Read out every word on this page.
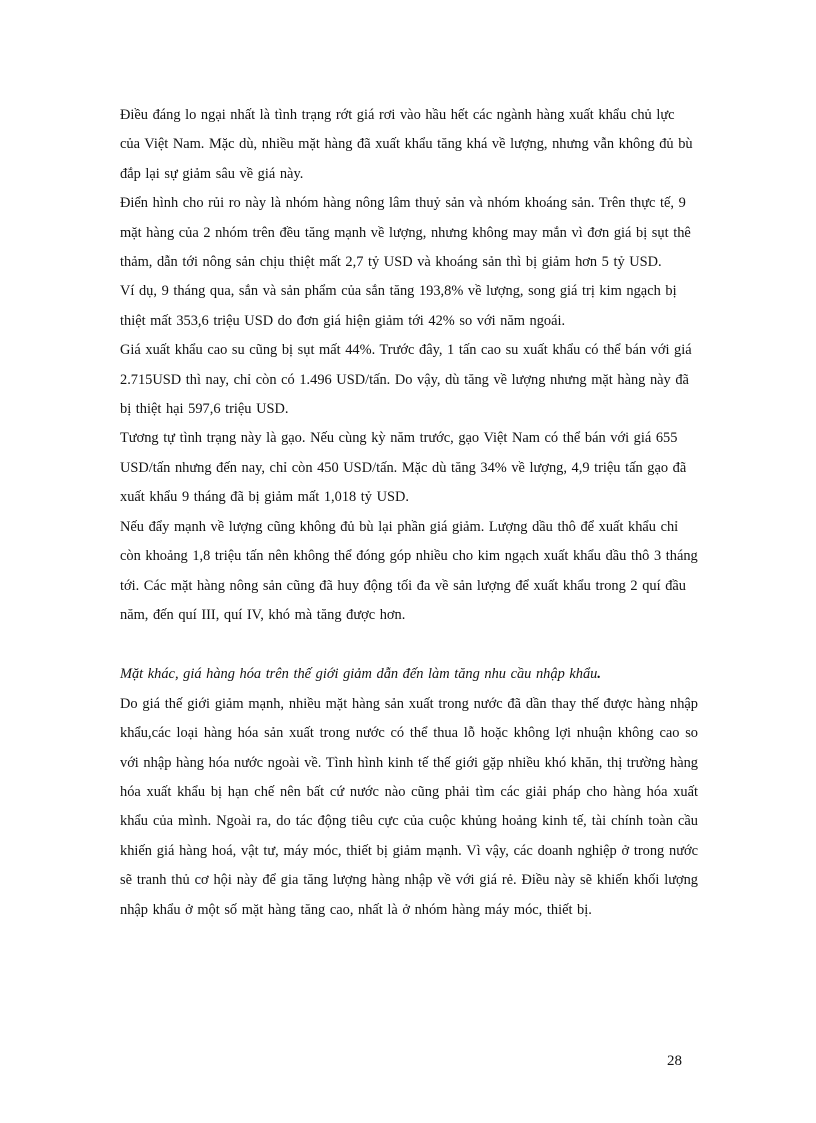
Điều đáng lo ngại nhất là tình trạng rớt giá rơi vào hầu hết các ngành hàng xuất khẩu chủ lực của Việt Nam. Mặc dù, nhiều mặt hàng đã xuất khẩu tăng khá về lượng, nhưng vẫn không đủ bù đắp lại sự giảm sâu về giá này.

Điển hình cho rủi ro này là nhóm hàng nông lâm thuỷ sản và nhóm khoáng sản. Trên thực tế, 9 mặt hàng của 2 nhóm trên đều tăng mạnh về lượng, nhưng không may mắn vì đơn giá bị sụt thê thảm, dẫn tới nông sản chịu thiệt mất 2,7 tỷ USD và khoáng sản thì bị giảm hơn 5 tỷ USD.

Ví dụ, 9 tháng qua, sắn và sản phẩm của sắn tăng 193,8% về lượng, song giá trị kim ngạch bị thiệt mất 353,6 triệu USD do đơn giá hiện giảm tới 42% so với năm ngoái.

Giá xuất khẩu cao su cũng bị sụt mất 44%. Trước đây, 1 tấn cao su xuất khẩu có thể bán với giá 2.715USD thì nay, chỉ còn có 1.496 USD/tấn. Do vậy, dù tăng về lượng nhưng mặt hàng này đã bị thiệt hại 597,6 triệu USD.

Tương tự tình trạng này là gạo. Nếu cùng kỳ năm trước, gạo Việt Nam có thể bán với giá 655 USD/tấn nhưng đến nay, chỉ còn 450 USD/tấn. Mặc dù tăng 34% về lượng, 4,9 triệu tấn gạo đã xuất khẩu 9 tháng đã bị giảm mất 1,018 tỷ USD.

Nếu đẩy mạnh về lượng cũng không đủ bù lại phần giá giảm. Lượng dầu thô để xuất khẩu chỉ còn khoảng 1,8 triệu tấn nên không thể đóng góp nhiều cho kim ngạch xuất khẩu dầu thô 3 tháng tới. Các mặt hàng nông sản cũng đã huy động tối đa về sản lượng để xuất khẩu trong 2 quí đầu năm, đến quí III, quí IV, khó mà tăng được hơn.

Mặt khác, giá hàng hóa trên thế giới giảm dẫn đến làm tăng nhu cầu nhập khẩu.

Do giá thế giới giảm mạnh, nhiều mặt hàng sản xuất trong nước đã dần thay thế được hàng nhập khẩu,các loại hàng hóa sản xuất trong nước có thể thua lỗ hoặc không lợi nhuận không cao so với nhập hàng hóa nước ngoài về. Tình hình kinh tế thế giới gặp nhiều khó khăn, thị trường hàng hóa xuất khẩu bị hạn chế nên bất cứ nước nào cũng phải tìm các giải pháp cho hàng hóa xuất khẩu của mình. Ngoài ra, do tác động tiêu cực của cuộc khủng hoảng kinh tế, tài chính toàn cầu khiến giá hàng hoá, vật tư, máy móc, thiết bị giảm mạnh. Vì vậy, các doanh nghiệp ở trong nước sẽ tranh thủ cơ hội này để gia tăng lượng hàng nhập về với giá rẻ. Điều này sẽ khiến khối lượng nhập khẩu ở một số mặt hàng tăng cao, nhất là ở nhóm hàng máy móc, thiết bị.

28
